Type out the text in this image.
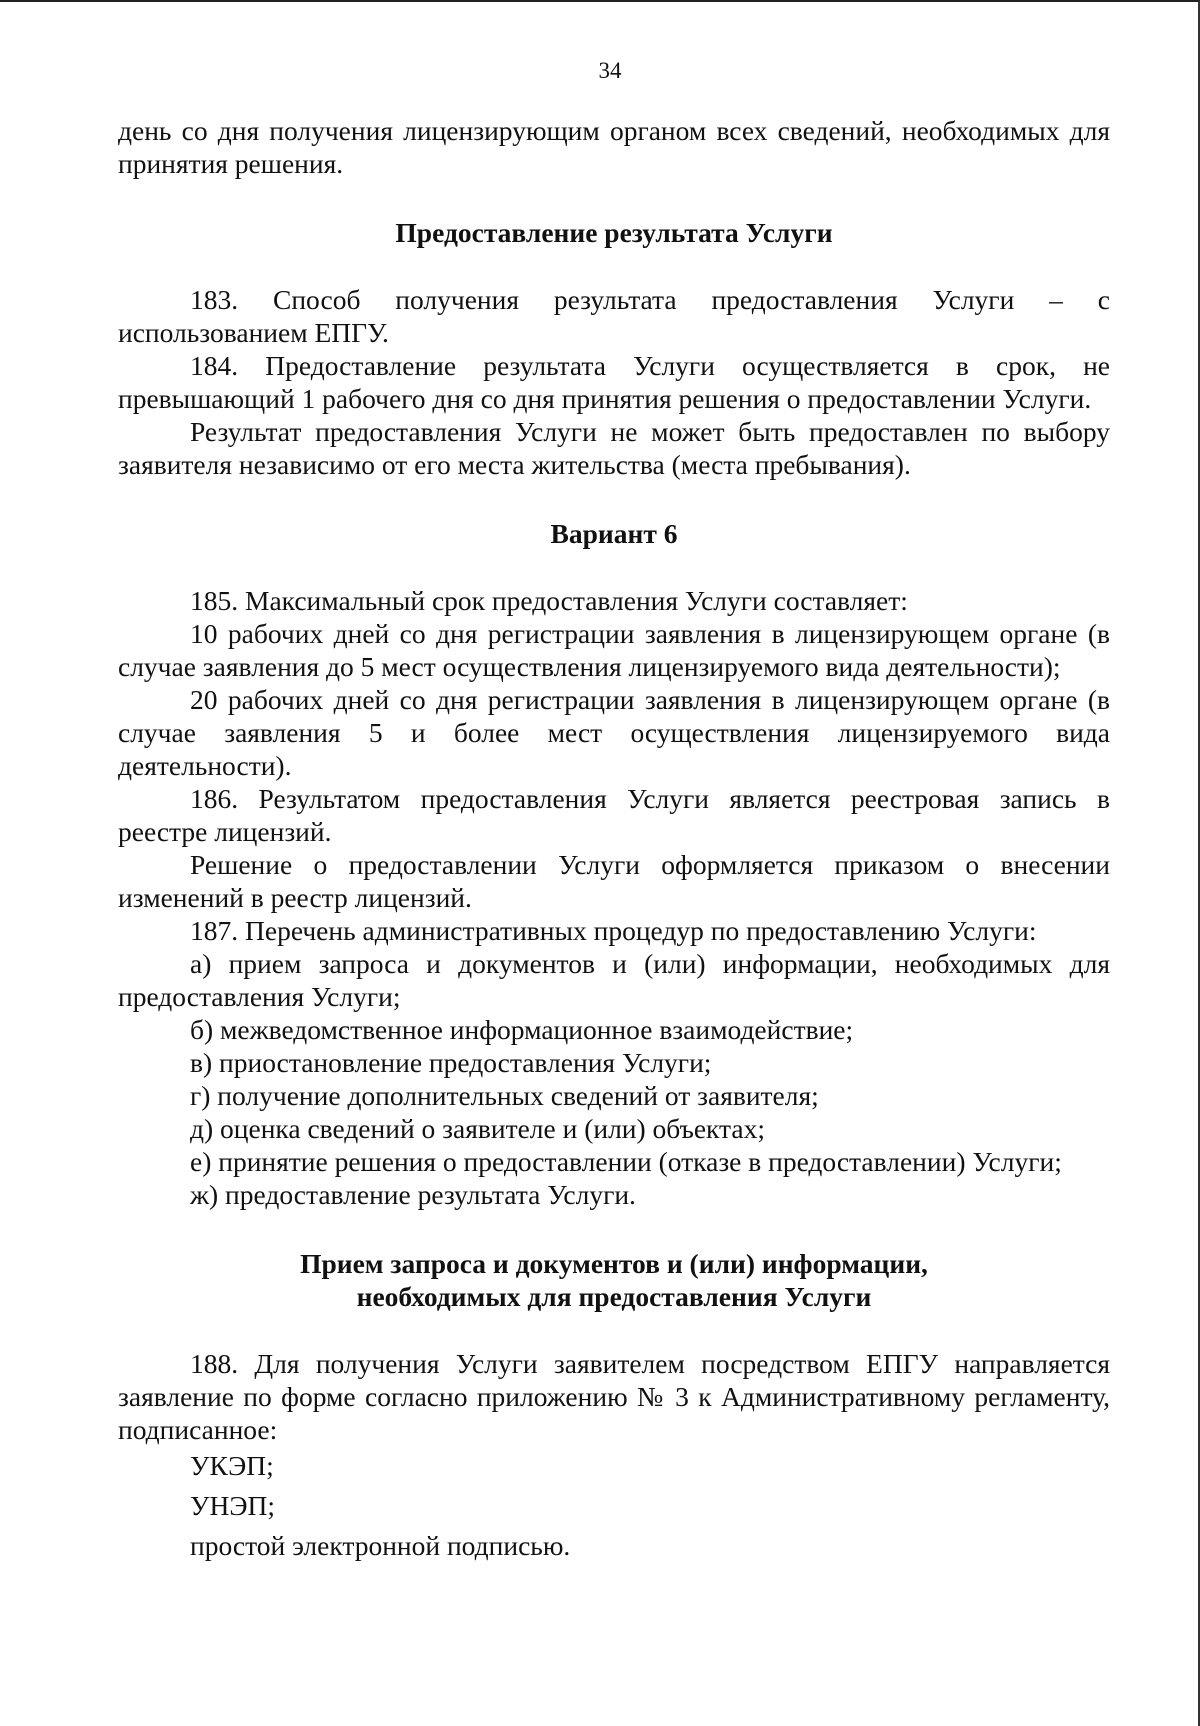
34

день со дня получения лицензирующим органом всех сведений, необходимых для принятия решения.

Предоставление результата Услуги

183. Способ получения результата предоставления Услуги – с использованием ЕПГУ.

184. Предоставление результата Услуги осуществляется в срок, не превышающий 1 рабочего дня со дня принятия решения о предоставлении Услуги.

Результат предоставления Услуги не может быть предоставлен по выбору заявителя независимо от его места жительства (места пребывания).

Вариант 6

185. Максимальный срок предоставления Услуги составляет:

10 рабочих дней со дня регистрации заявления в лицензирующем органе (в случае заявления до 5 мест осуществления лицензируемого вида деятельности);

20 рабочих дней со дня регистрации заявления в лицензирующем органе (в случае заявления 5 и более мест осуществления лицензируемого вида деятельности).

186. Результатом предоставления Услуги является реестровая запись в реестре лицензий.

Решение о предоставлении Услуги оформляется приказом о внесении изменений в реестр лицензий.

187. Перечень административных процедур по предоставлению Услуги:

а) прием запроса и документов и (или) информации, необходимых для предоставления Услуги;

б) межведомственное информационное взаимодействие;

в) приостановление предоставления Услуги;

г) получение дополнительных сведений от заявителя;

д) оценка сведений о заявителе и (или) объектах;

е) принятие решения о предоставлении (отказе в предоставлении) Услуги;

ж) предоставление результата Услуги.

Прием запроса и документов и (или) информации,

необходимых для предоставления Услуги

188. Для получения Услуги заявителем посредством ЕПГУ направляется заявление по форме согласно приложению № 3 к Административному регламенту, подписанное:

УКЭП;

УНЭП;

простой электронной подписью.
